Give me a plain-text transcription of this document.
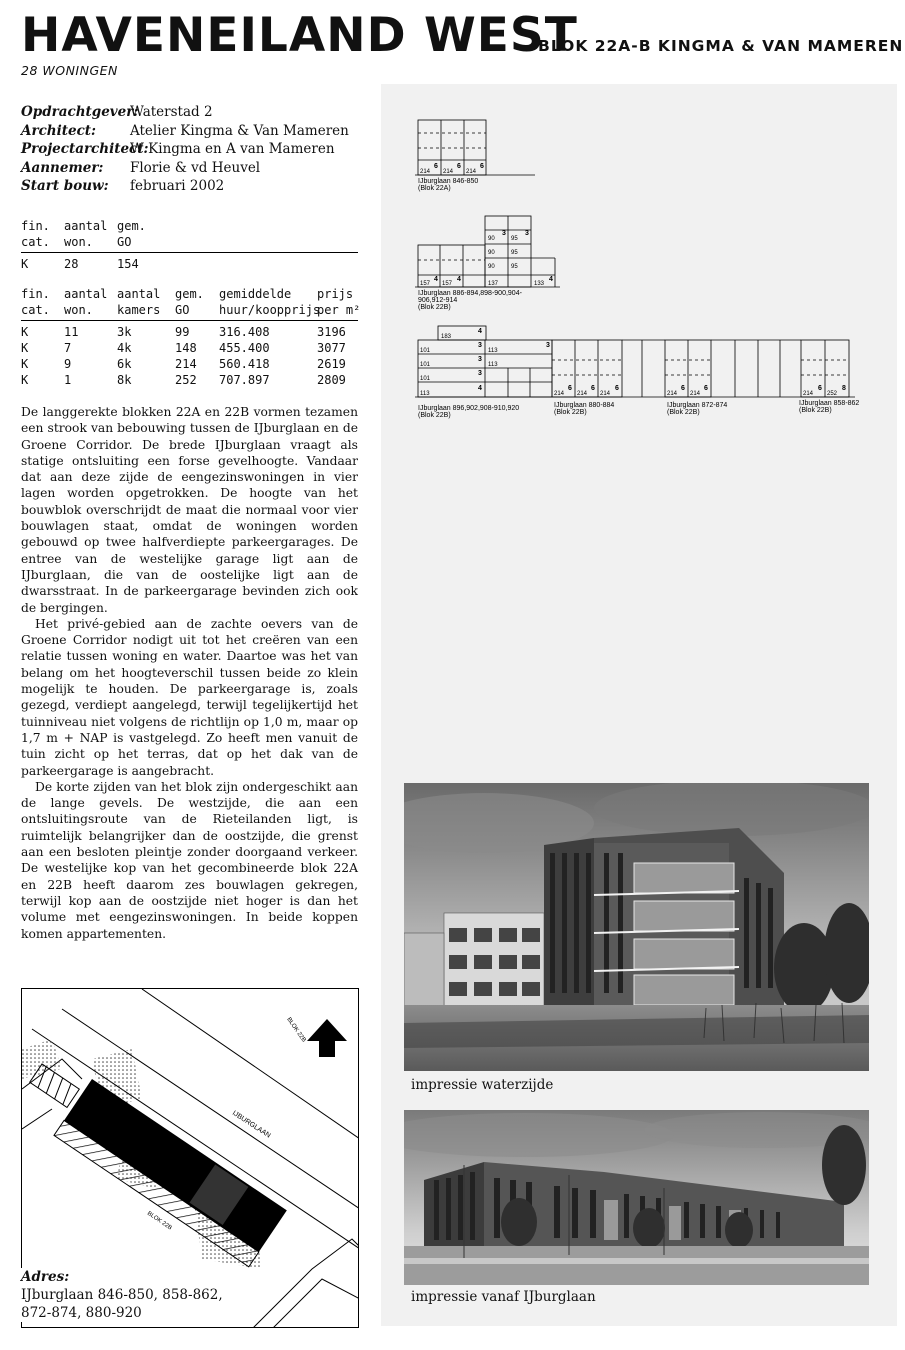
HAVENEILAND WEST
BLOK 22A-B KINGMA & VAN MAMEREN
28 WONINGEN
Opdrachtgever:
Waterstad 2
Architect:	Atelier Kingma & Van Mameren
Projectarchitect:
W Kingma en A van Mameren
Aannemer:	Florie & vd Heuvel
Start bouw:	februari 2002
fin.	aantal gem.
cat.	won.	GO
K	28	154
fin.	aantal aantal	gem.	gemiddelde	prijs
cat.	won.	kamers	GO	huur/koopprijs
per m²
K	11	3k	99	316.408	3196
K	7	4k	148	455.400	3077
K	9	6k	214	560.418	2619
K	1	8k	252	707.897	2809

De langgerekte blokken 22A en 22B vormen tezamen een strook van bebouwing tussen de IJburglaan en de Groene Corridor. De brede IJburglaan vraagt als statige ontsluiting een forse gevelhoogte. Vandaar dat aan deze zijde de eengezinswoningen in vier lagen worden opgetrokken. De hoogte van het bouwblok overschrijdt de maat die normaal voor vier bouwlagen staat, omdat de woningen worden gebouwd op twee halfverdiepte parkeergarages. De entree van de westelijke garage ligt aan de IJburglaan, die van de oostelijke ligt aan de dwarsstraat. In de parkeergarage bevinden zich ook de bergingen.

Het privé-gebied aan de zachte oevers van de Groene Corridor nodigt uit tot het creëren van een relatie tussen woning en water. Daartoe was het van belang om het hoogteverschil tussen beide zo klein mogelijk te houden. De parkeergarage is, zoals gezegd, verdiept aangelegd, terwijl tegelijkertijd het tuinniveau niet volgens de richtlijn op 1,0 m, maar op 1,7 m + NAP is vastgelegd. Zo heeft men vanuit de tuin zicht op het terras, dat op het dak van de parkeergarage is aangebracht.

De korte zijden van het blok zijn ondergeschikt aan de lange gevels. De westzijde, die aan een ontsluitingsroute van de Rieteilanden ligt, is ruimtelijk belangrijker dan de oostzijde, die grenst aan een besloten pleintje zonder doorgaand verkeer. De westelijke kop van het gecombineerde blok 22A en 22B heeft daarom zes bouwlagen gekregen, terwijl kop aan de oostzijde niet hoger is dan het volume met eengezinswoningen. In beide koppen komen appartementen.

IJBURGLAAN
BLOK 22B
BLOK 22B
Adres:
IJburglaan 846-850, 858-862,
872-874, 880-920
214 214 214
6	6	6
IJburglaan 846-850
(Blok 22A)
90
90
90
95
95
95
3	3
157 157	137	133
4	4	4
IJburglaan 886-894,898-900,904-
906,912-914
(Blok 22B)
183
4
101
101
101
113
3
3
3
4
113
113
3
214 214 214
6	6	6
214 214
6	6
214 252
6	8
IJburglaan 896,902,908-910,920
(Blok 22B)
IJburglaan 880-884
(Blok 22B)
IJburglaan 872-874
(Blok 22B)
IJburglaan 858-862
(Blok 22B)
impressie waterzijde
impressie vanaf IJburglaan
